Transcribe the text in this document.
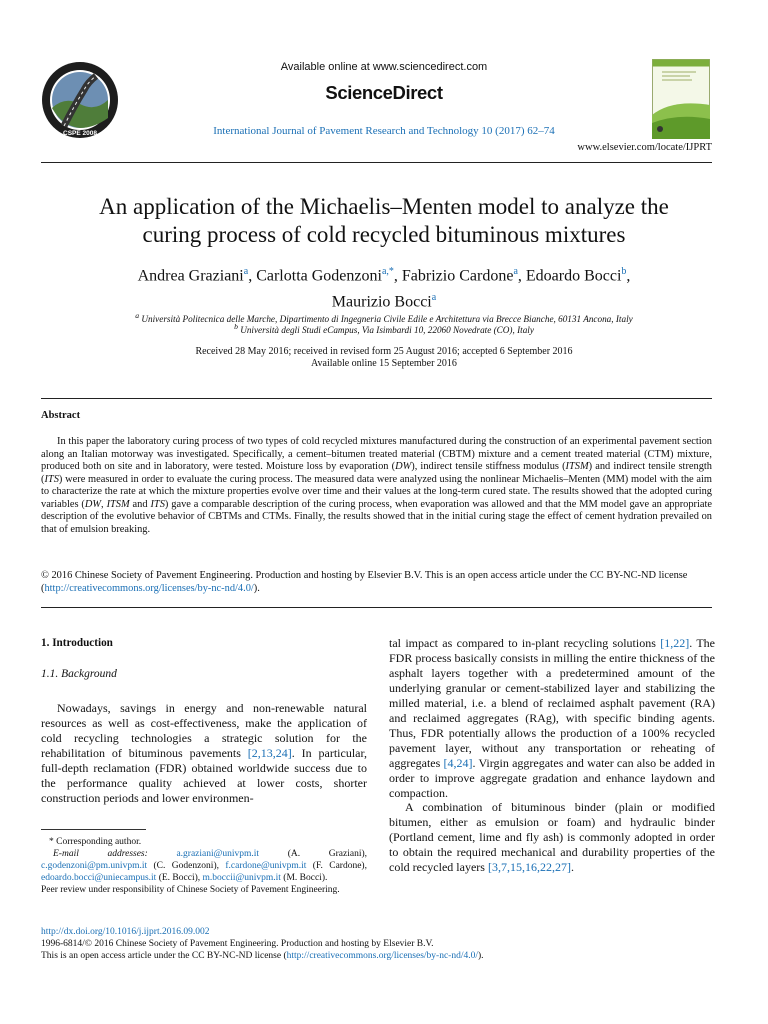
CSPE 2008
Available online at www.sciencedirect.com
ScienceDirect
International Journal of Pavement Research and Technology 10 (2017) 62–74
www.elsevier.com/locate/IJPRT
An application of the Michaelis–Menten model to analyze the
curing process of cold recycled bituminous mixtures
Andrea Graziani$^a$, Carlotta Godenzoni$^{a,*}$, Fabrizio Cardone$^a$, Edoardo Bocci$^b$,
Maurizio Bocci$^a$
$^a$ Università Politecnica delle Marche, Dipartimento di Ingegneria Civile Edile e Architettura via Brecce Bianche, 60131 Ancona, Italy
$^b$ Università degli Studi eCampus, Via Isimbardi 10, 22060 Novedrate (CO), Italy
Received 28 May 2016; received in revised form 25 August 2016; accepted 6 September 2016
Available online 15 September 2016
Abstract
In this paper the laboratory curing process of two types of cold recycled mixtures manufactured during the construction of an experimental pavement section along an Italian motorway was investigated. Specifically, a cement–bitumen treated material (CBTM) mixture and a cement treated material (CTM) mixture, produced both on site and in laboratory, were tested. Moisture loss by evaporation (DW), indirect tensile stiffness modulus (ITSM) and indirect tensile strength (ITS) were measured in order to evaluate the curing process. The measured data were analyzed using the nonlinear Michaelis–Menten (MM) model with the aim to characterize the rate at which the mixture properties evolve over time and their values at the long-term cured state. The results showed that the adopted curing variables (DW, ITSM and ITS) gave a comparable description of the curing process, when evaporation was allowed and that the MM model gave an appropriate description of the evolutive behavior of CBTMs and CTMs. Finally, the results showed that in the initial curing stage the effect of cement hydration prevailed on that of emulsion breaking.
© 2016 Chinese Society of Pavement Engineering. Production and hosting by Elsevier B.V. This is an open access article under the CC BY-NC-ND license (http://creativecommons.org/licenses/by-nc-nd/4.0/).
1. Introduction
1.1. Background

Nowadays, savings in energy and non-renewable natural resources as well as cost-effectiveness, make the application of cold recycling technologies a strategic solution for the rehabilitation of bituminous pavements [2,13,24]. In particular, full-depth reclamation (FDR) obtained worldwide success due to the performance quality achieved at lower costs, shorter construction periods and lower environmen-

tal impact as compared to in-plant recycling solutions [1,22]. The FDR process basically consists in milling the entire thickness of the asphalt layers together with a predetermined amount of the underlying granular or cement-stabilized layer and stabilizing the milled material, i.e. a blend of reclaimed asphalt pavement (RA) and reclaimed aggregates (RAg), with specific binding agents. Thus, FDR potentially allows the production of a 100% recycled pavement layer, without any transportation or reheating of aggregates [4,24]. Virgin aggregates and water can also be added in order to improve aggregate gradation and enhance laydown and compaction.

A combination of bituminous binder (plain or modified bitumen, either as emulsion or foam) and hydraulic binder (Portland cement, lime and fly ash) is commonly adopted in order to obtain the required mechanical and durability properties of the cold recycled layers [3,7,15,16,22,27].

* Corresponding author.
E-mail addresses: a.graziani@univpm.it (A. Graziani), c.godenzoni@pm.univpm.it (C. Godenzoni), f.cardone@univpm.it (F. Cardone), edoardo.bocci@uniecampus.it (E. Bocci), m.boccii@univpm.it (M. Bocci).
Peer review under responsibility of Chinese Society of Pavement Engineering.
http://dx.doi.org/10.1016/j.ijprt.2016.09.002
1996-6814/© 2016 Chinese Society of Pavement Engineering. Production and hosting by Elsevier B.V.
This is an open access article under the CC BY-NC-ND license (http://creativecommons.org/licenses/by-nc-nd/4.0/).
